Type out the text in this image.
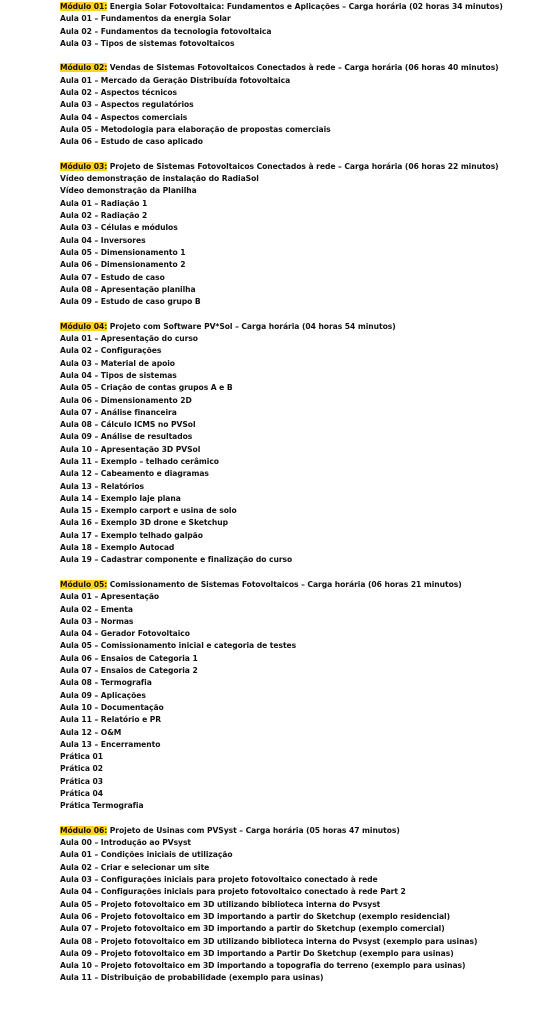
Módulo 01: Energia Solar Fotovoltaica: Fundamentos e Aplicações – Carga horária (02 horas 34 minutos)
Aula 01 – Fundamentos da energia Solar
Aula 02 – Fundamentos da tecnologia fotovoltaica
Aula 03 – Tipos de sistemas fotovoltaicos
Módulo 02: Vendas de Sistemas Fotovoltaicos Conectados à rede – Carga horária (06 horas 40 minutos)
Aula 01 – Mercado da Geração Distribuída fotovoltaica
Aula 02 – Aspectos técnicos
Aula 03 – Aspectos regulatórios
Aula 04 – Aspectos comerciais
Aula 05 – Metodologia para elaboração de propostas comerciais
Aula 06 – Estudo de caso aplicado
Módulo 03: Projeto de Sistemas Fotovoltaicos Conectados à rede – Carga horária (06 horas 22 minutos)
Vídeo demonstração de instalação do RadiaSol
Vídeo demonstração da Planilha
Aula 01 – Radiação 1
Aula 02 – Radiação 2
Aula 03 – Células e módulos
Aula 04 – Inversores
Aula 05 – Dimensionamento 1
Aula 06 – Dimensionamento 2
Aula 07 – Estudo de caso
Aula 08 – Apresentação planilha
Aula 09 – Estudo de caso grupo B
Módulo 04: Projeto com Software PV*Sol – Carga horária (04 horas 54 minutos)
Aula 01 – Apresentação do curso
Aula 02 – Configurações
Aula 03 – Material de apoio
Aula 04 – Tipos de sistemas
Aula 05 – Criação de contas grupos A e B
Aula 06 – Dimensionamento 2D
Aula 07 – Análise financeira
Aula 08 – Cálculo ICMS no PVSol
Aula 09 – Análise de resultados
Aula 10 – Apresentação 3D PVSol
Aula 11 – Exemplo – telhado cerâmico
Aula 12 – Cabeamento e diagramas
Aula 13 – Relatórios
Aula 14 – Exemplo laje plana
Aula 15 – Exemplo carport e usina de solo
Aula 16 – Exemplo 3D drone e Sketchup
Aula 17 – Exemplo telhado galpão
Aula 18 – Exemplo Autocad
Aula 19 – Cadastrar componente e finalização do curso
Módulo 05: Comissionamento de Sistemas Fotovoltaicos – Carga horária (06 horas 21 minutos)
Aula 01 – Apresentação
Aula 02 – Ementa
Aula 03 – Normas
Aula 04 – Gerador Fotovoltaico
Aula 05 – Comissionamento inicial e categoria de testes
Aula 06 – Ensaios de Categoria 1
Aula 07 – Ensaios de Categoria 2
Aula 08 – Termografia
Aula 09 – Aplicações
Aula 10 – Documentação
Aula 11 – Relatório e PR
Aula 12 – O&M
Aula 13 – Encerramento
Prática 01
Prática 02
Prática 03
Prática 04
Prática Termografia
Módulo 06: Projeto de Usinas com PVSyst – Carga horária (05 horas 47 minutos)
Aula 00 – Introdução ao PVsyst
Aula 01 – Condições iniciais de utilização
Aula 02 – Criar e selecionar um site
Aula 03 – Configurações iniciais para projeto fotovoltaico conectado à rede
Aula 04 – Configurações iniciais para projeto fotovoltaico conectado à rede Part 2
Aula 05 – Projeto fotovoltaico em 3D utilizando biblioteca interna do Pvsyst
Aula 06 – Projeto fotovoltaico em 3D importando a partir do Sketchup (exemplo residencial)
Aula 07 – Projeto fotovoltaico em 3D importando a partir do Sketchup (exemplo comercial)
Aula 08 – Projeto fotovoltaico em 3D utilizando biblioteca interna do Pvsyst (exemplo para usinas)
Aula 09 – Projeto fotovoltaico em 3D importando a Partir Do Sketchup (exemplo para usinas)
Aula 10 – Projeto fotovoltaico em 3D importando a topografia do terreno (exemplo para usinas)
Aula 11 – Distribuição de probabilidade (exemplo para usinas)
